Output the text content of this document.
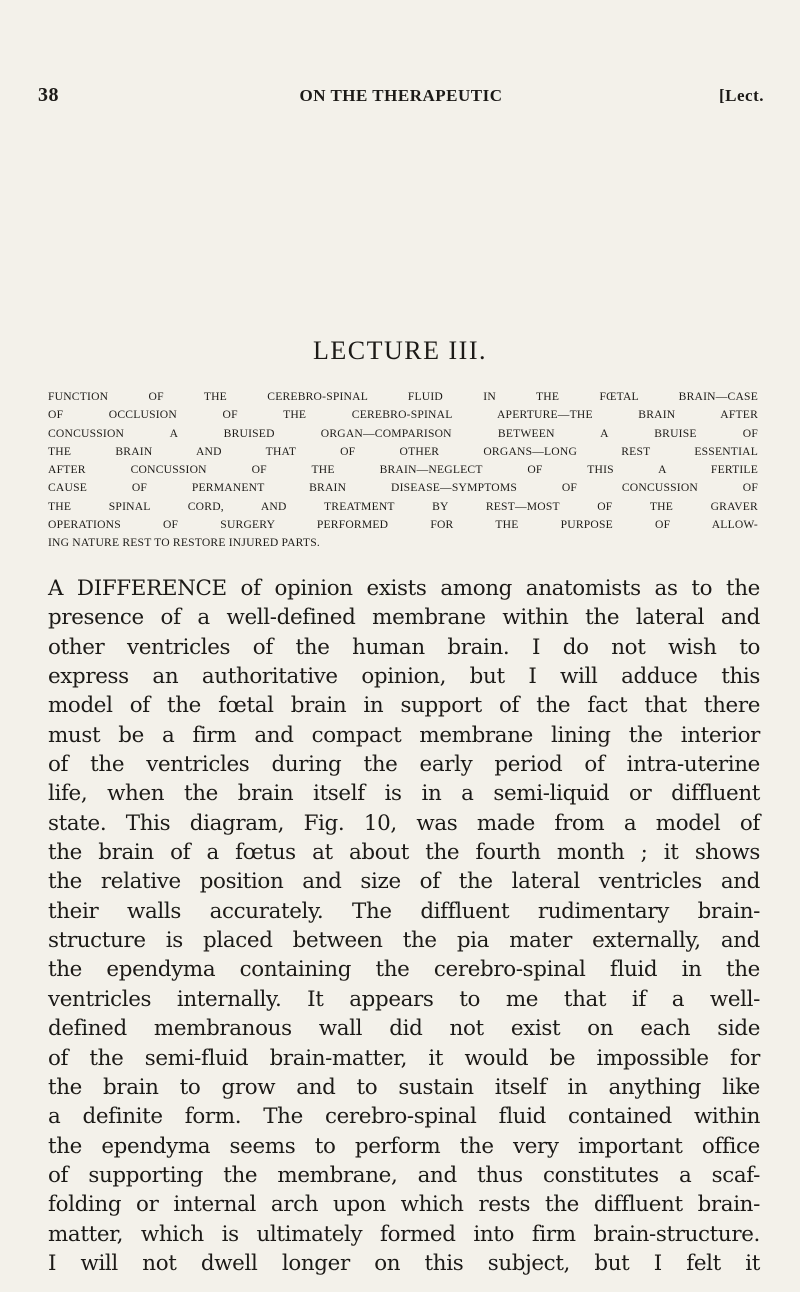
38	ON THE THERAPEUTIC	[Lect.
LECTURE III.
FUNCTION OF THE CEREBRO-SPINAL FLUID IN THE FŒTAL BRAIN—CASE
OF OCCLUSION OF THE CEREBRO-SPINAL APERTURE—THE BRAIN AFTER
CONCUSSION A BRUISED ORGAN—COMPARISON BETWEEN A BRUISE OF
THE BRAIN AND THAT OF OTHER ORGANS—LONG REST ESSENTIAL
AFTER CONCUSSION OF THE BRAIN—NEGLECT OF THIS A FERTILE
CAUSE OF PERMANENT BRAIN DISEASE—SYMPTOMS OF CONCUSSION OF
THE SPINAL CORD, AND TREATMENT BY REST—MOST OF THE GRAVER
OPERATIONS OF SURGERY PERFORMED FOR THE PURPOSE OF ALLOW-
ING NATURE REST TO RESTORE INJURED PARTS.
A DIFFERENCE of opinion exists among anatomists as to the
presence of a well-defined membrane within the lateral and
other ventricles of the human brain. I do not wish to
express an authoritative opinion, but I will adduce this
model of the fœtal brain in support of the fact that there
must be a firm and compact membrane lining the interior
of the ventricles during the early period of intra-uterine
life, when the brain itself is in a semi-liquid or diffluent
state. This diagram, Fig. 10, was made from a model of
the brain of a fœtus at about the fourth month ; it shows
the relative position and size of the lateral ventricles and
their walls accurately. The diffluent rudimentary brain-
structure is placed between the pia mater externally, and
the ependyma containing the cerebro-spinal fluid in the
ventricles internally. It appears to me that if a well-
defined membranous wall did not exist on each side
of the semi-fluid brain-matter, it would be impossible for
the brain to grow and to sustain itself in anything like
a definite form. The cerebro-spinal fluid contained within
the ependyma seems to perform the very important office
of supporting the membrane, and thus constitutes a scaf-
folding or internal arch upon which rests the diffluent brain-
matter, which is ultimately formed into firm brain-structure.
I will not dwell longer on this subject, but I felt it
